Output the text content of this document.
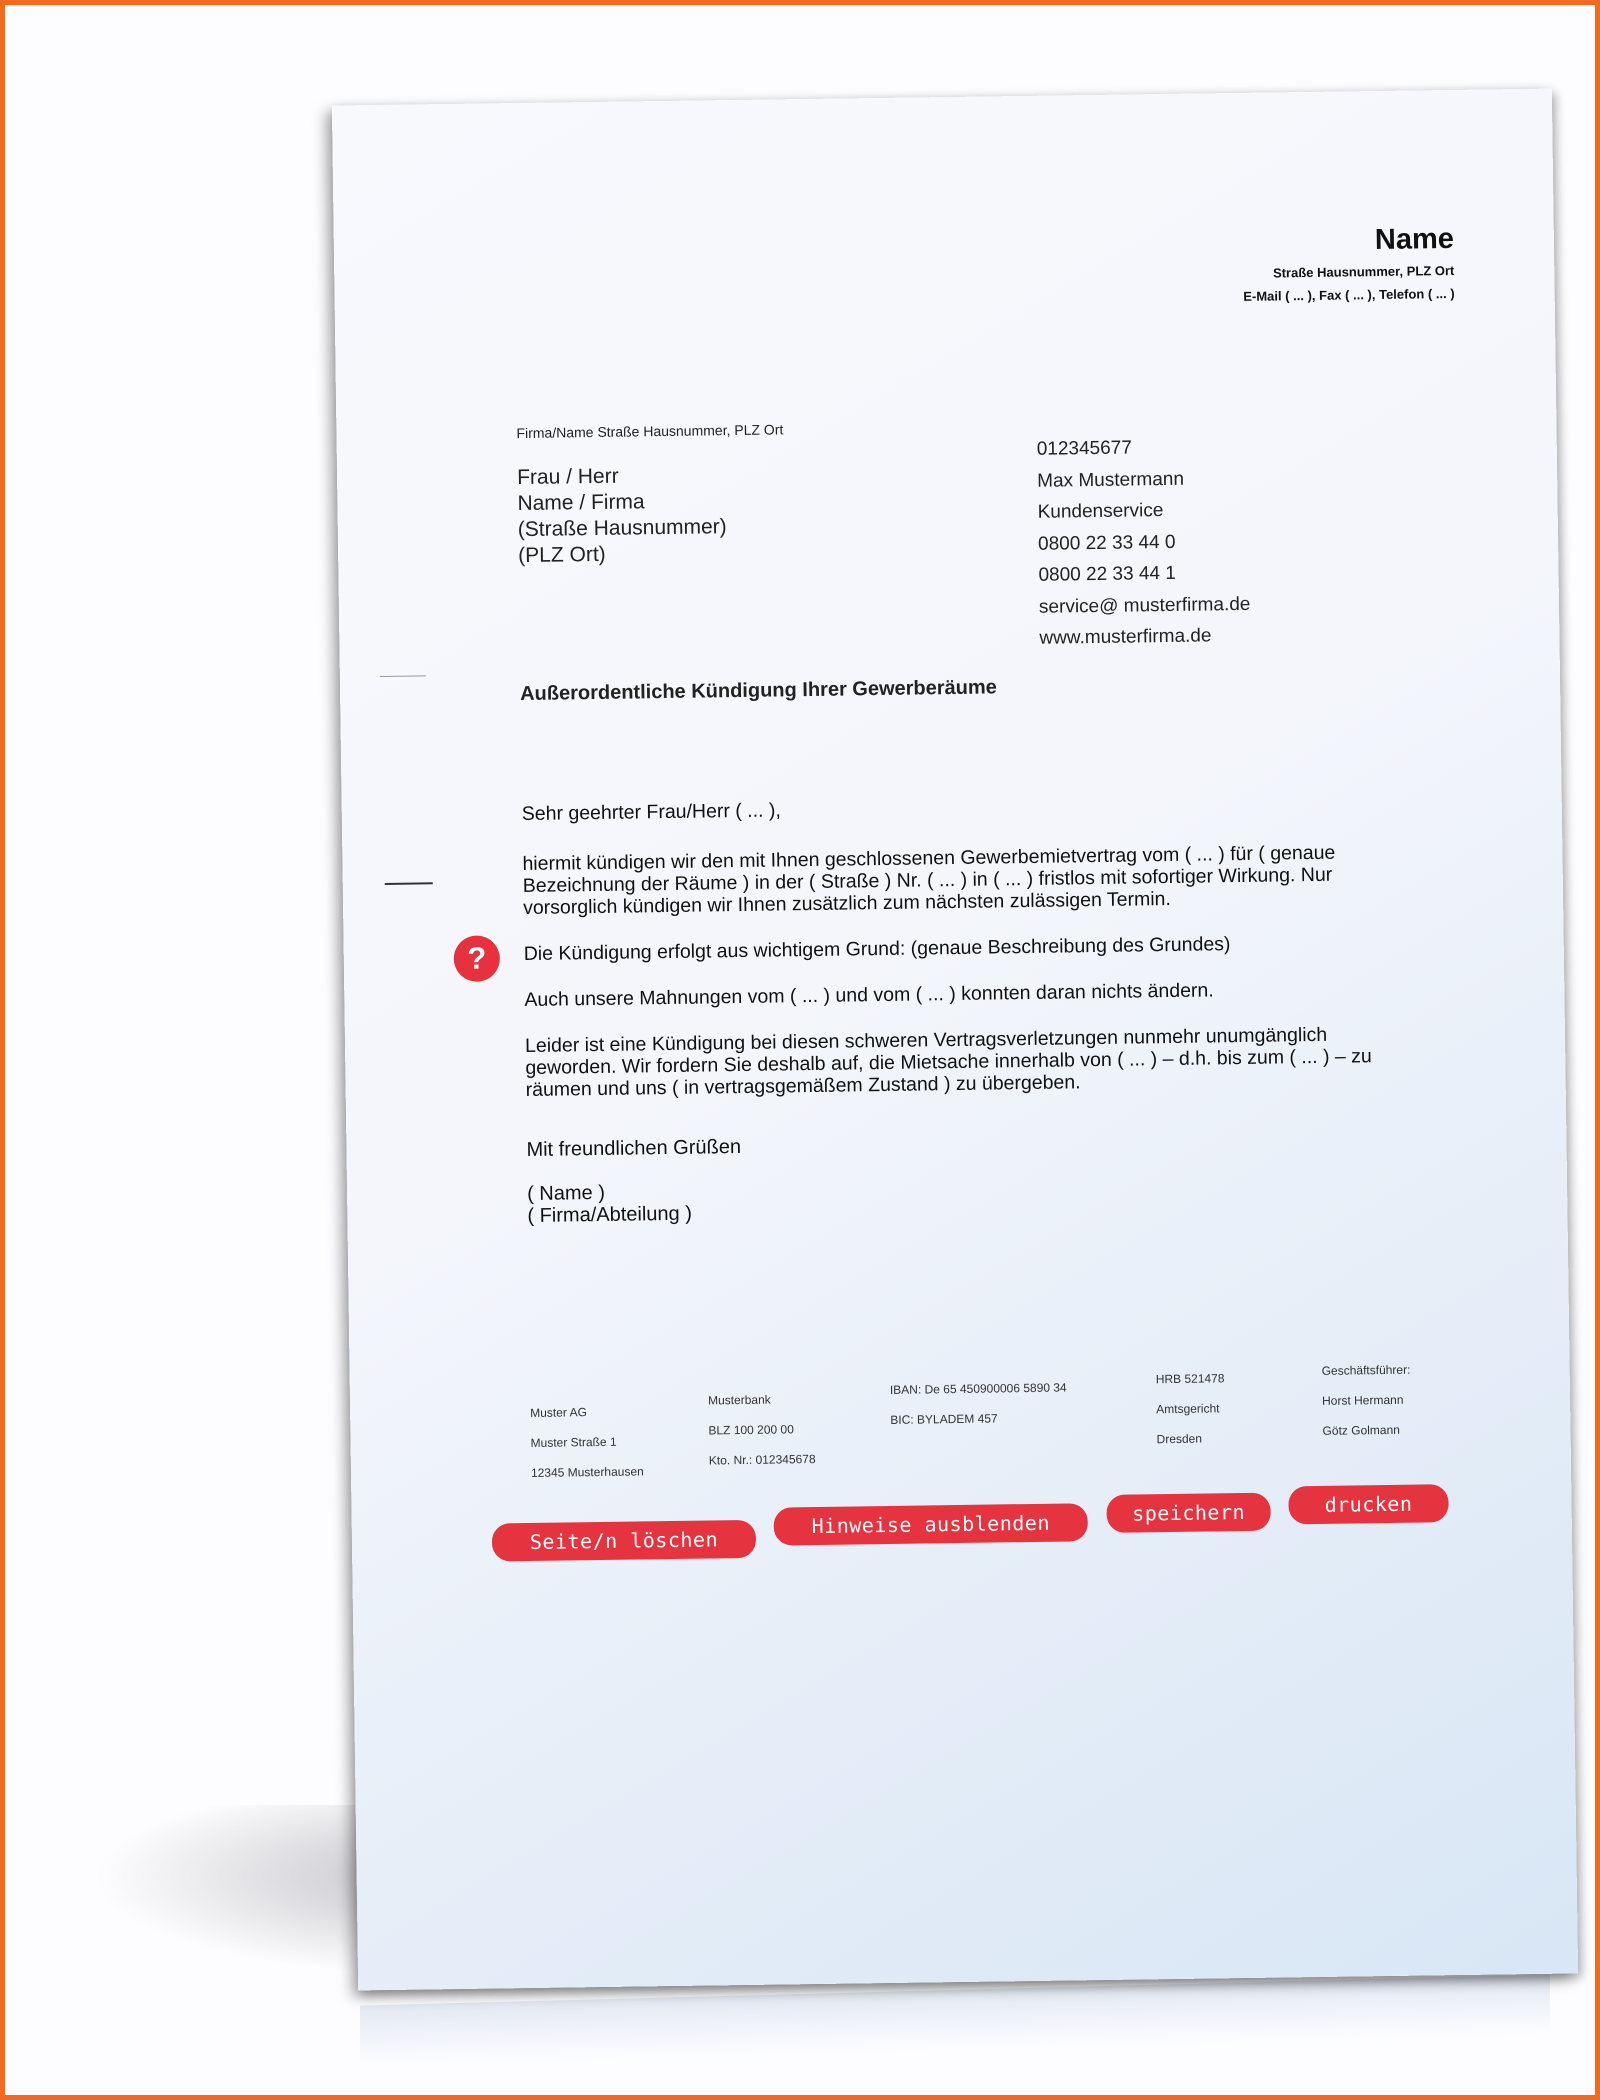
Name
Straße Hausnummer, PLZ Ort
E-Mail ( ... ), Fax ( ... ), Telefon ( ... )
Firma/Name Straße Hausnummer, PLZ Ort
Frau / Herr
Name / Firma
(Straße Hausnummer)
(PLZ Ort)
012345677
Max Mustermann
Kundenservice
0800 22 33 44 0
0800 22 33 44 1
service@ musterfirma.de
www.musterfirma.de
Außerordentliche Kündigung Ihrer Gewerberäume

Sehr geehrter Frau/Herr ( ... ),

hiermit kündigen wir den mit Ihnen geschlossenen Gewerbemietvertrag vom ( ... ) für ( genaue Bezeichnung der Räume ) in der ( Straße ) Nr. ( ... ) in ( ... ) fristlos mit sofortiger Wirkung. Nur vorsorglich kündigen wir Ihnen zusätzlich zum nächsten zulässigen Termin.

Die Kündigung erfolgt aus wichtigem Grund: (genaue Beschreibung des Grundes)

Auch unsere Mahnungen vom ( ... ) und vom ( ... ) konnten daran nichts ändern.

Leider ist eine Kündigung bei diesen schweren Vertragsverletzungen nunmehr unumgänglich geworden. Wir fordern Sie deshalb auf, die Mietsache innerhalb von ( ... ) – d.h. bis zum ( ... ) – zu räumen und uns ( in vertragsgemäßem Zustand ) zu übergeben.

?
Mit freundlichen Grüßen
( Name )
( Firma/Abteilung )
Muster AG
Muster Straße 1
12345 Musterhausen
Musterbank
BLZ 100 200 00
Kto. Nr.: 012345678
IBAN: De 65 450900006 5890 34
BIC: BYLADEM 457
HRB 521478
Amtsgericht
Dresden
Geschäftsführer:
Horst Hermann
Götz Golmann
Seite/n löschen
Hinweise ausblenden	speichern	drucken
